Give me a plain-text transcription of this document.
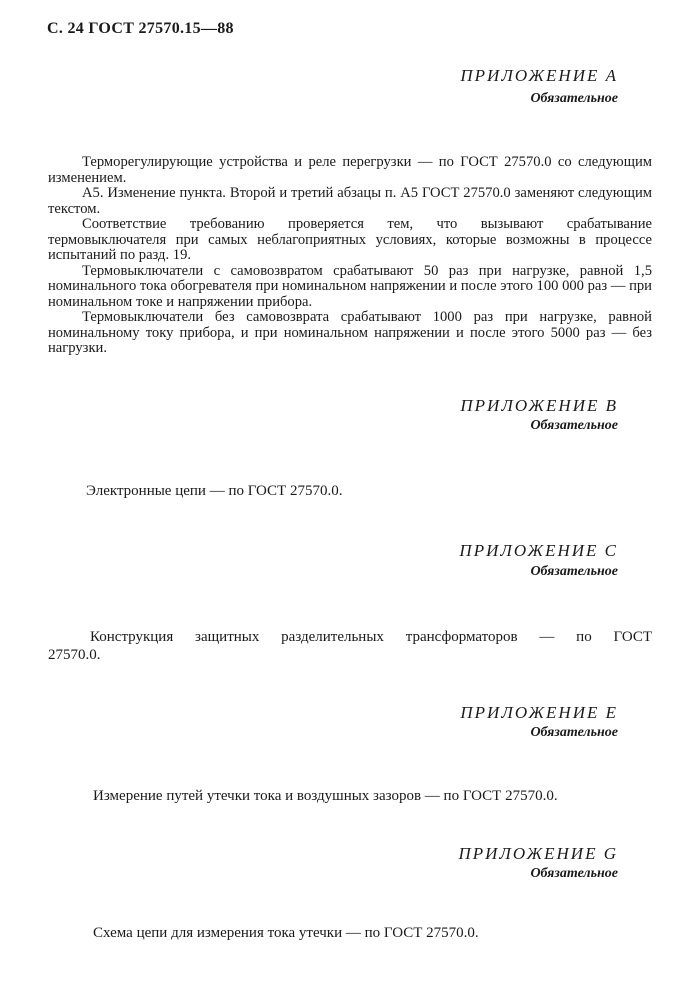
С. 24 ГОСТ 27570.15—88
ПРИЛОЖЕНИЕ А
Обязательное

Терморегулирующие устройства и реле перегрузки — по ГОСТ 27570.0 со следующим изменением.

А5. Изменение пункта. Второй и третий абзацы п. А5 ГОСТ 27570.0 заменяют следующим текстом.

Соответствие требованию проверяется тем, что вызывают срабатывание термовыключателя при самых неблагоприятных условиях, которые возможны в процессе испытаний по разд. 19.

Термовыключатели с самовозвратом срабатывают 50 раз при нагрузке, равной 1,5 номинального тока обогревателя при номинальном напряжении и после этого 100 000 раз — при номинальном токе и напряжении прибора.

Термовыключатели без самовозврата срабатывают 1000 раз при нагрузке, равной номинальному току прибора, и при номинальном напряжении и после этого 5000 раз — без нагрузки.

ПРИЛОЖЕНИЕ В
Обязательное
Электронные цепи — по ГОСТ 27570.0.
ПРИЛОЖЕНИЕ С
Обязательное

Конструкция защитных разделительных трансформаторов — по ГОСТ

27570.0.

ПРИЛОЖЕНИЕ Е
Обязательное
Измерение путей утечки тока и воздушных зазоров — по ГОСТ 27570.0.
ПРИЛОЖЕНИЕ G
Обязательное
Схема цепи для измерения тока утечки — по ГОСТ 27570.0.
